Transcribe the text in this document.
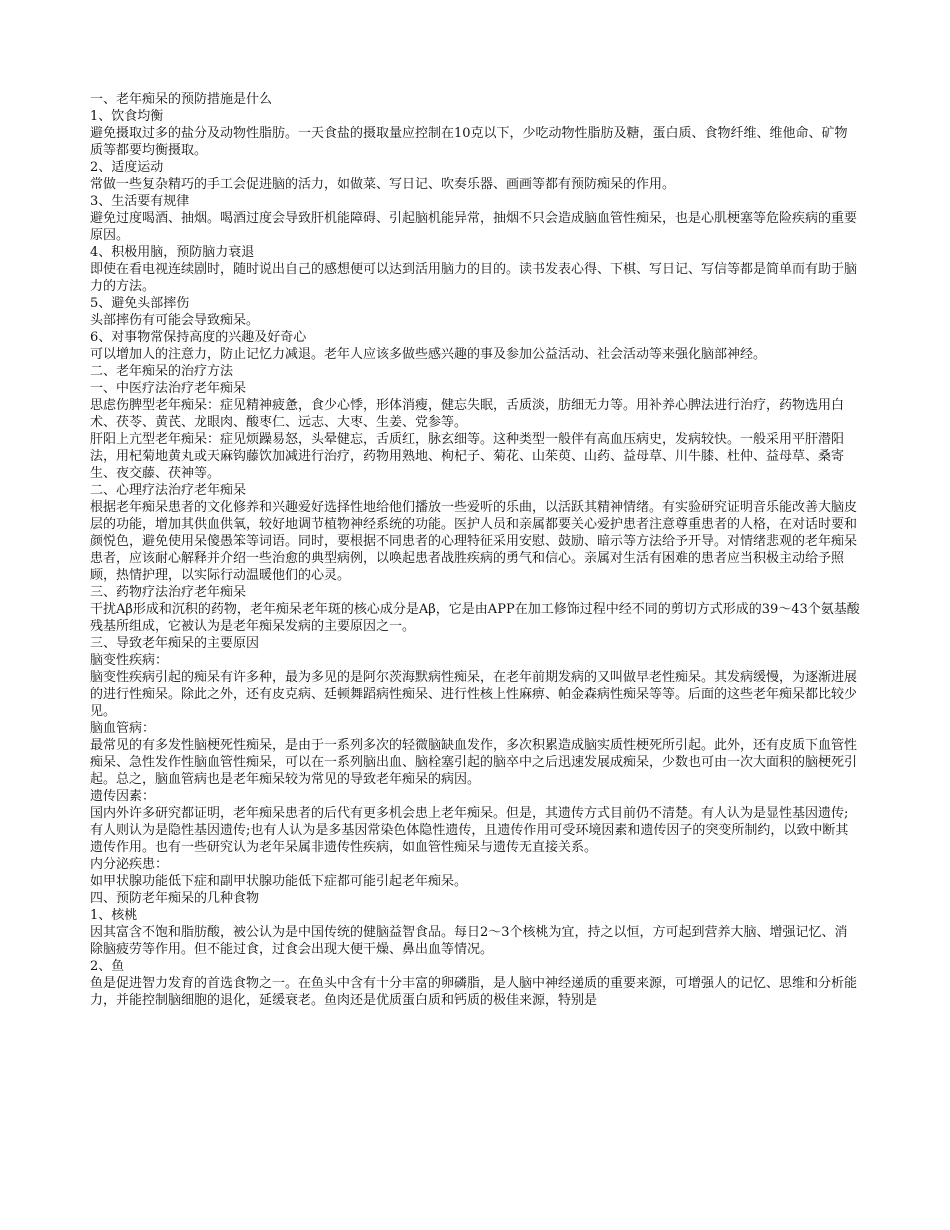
一、老年痴呆的预防措施是什么

1、饮食均衡

避免摄取过多的盐分及动物性脂肪。一天食盐的摄取量应控制在10克以下，少吃动物性脂肪及糖，蛋白质、食物纤维、维他命、矿物质等都要均衡摄取。

2、适度运动

常做一些复杂精巧的手工会促进脑的活力，如做菜、写日记、吹奏乐器、画画等都有预防痴呆的作用。

3、生活要有规律

避免过度喝酒、抽烟。喝酒过度会导致肝机能障碍、引起脑机能异常，抽烟不只会造成脑血管性痴呆，也是心肌梗塞等危险疾病的重要原因。

4、积极用脑，预防脑力衰退

即使在看电视连续剧时，随时说出自己的感想便可以达到活用脑力的目的。读书发表心得、下棋、写日记、写信等都是简单而有助于脑力的方法。

5、避免头部摔伤

头部摔伤有可能会导致痴呆。

6、对事物常保持高度的兴趣及好奇心

可以增加人的注意力，防止记忆力减退。老年人应该多做些感兴趣的事及参加公益活动、社会活动等来强化脑部神经。

二、老年痴呆的治疗方法

一、中医疗法治疗老年痴呆

思虑伤脾型老年痴呆：症见精神疲惫，食少心悸，形体消瘦，健忘失眠，舌质淡，肪细无力等。用补养心脾法进行治疗，药物选用白术、茯苓、黄芪、龙眼肉、酸枣仁、远志、大枣、生姜、党参等。

肝阳上亢型老年痴呆：症见烦躁易怒，头晕健忘，舌质红，脉玄细等。这种类型一般伴有高血压病史，发病较快。一般采用平肝潜阳法，用杞菊地黄丸或天麻钩藤饮加减进行治疗，药物用熟地、枸杞子、菊花、山茱萸、山药、益母草、川牛膝、杜仲、益母草、桑寄生、夜交藤、茯神等。

二、心理疗法治疗老年痴呆

根据老年痴呆患者的文化修养和兴趣爱好选择性地给他们播放一些爱听的乐曲，以活跃其精神情绪。有实验研究证明音乐能改善大脑皮层的功能，增加其供血供氧，较好地调节植物神经系统的功能。医护人员和亲属都要关心爱护患者注意尊重患者的人格，在对话时要和颜悦色，避免使用呆傻愚笨等词语。同时，要根据不同患者的心理特征采用安慰、鼓励、暗示等方法给予开导。对情绪悲观的老年痴呆患者，应该耐心解释并介绍一些治愈的典型病例，以唤起患者战胜疾病的勇气和信心。亲属对生活有困难的患者应当积极主动给予照顾，热情护理，以实际行动温暖他们的心灵。

三、药物疗法治疗老年痴呆

干扰Aβ形成和沉积的药物，老年痴呆老年斑的核心成分是Aβ，它是由APP在加工修饰过程中经不同的剪切方式形成的39～43个氨基酸残基所组成，它被认为是老年痴呆发病的主要原因之一。

三、导致老年痴呆的主要原因

脑变性疾病：

脑变性疾病引起的痴呆有许多种，最为多见的是阿尔茨海默病性痴呆，在老年前期发病的又叫做早老性痴呆。其发病缓慢，为逐渐进展的进行性痴呆。除此之外，还有皮克病、廷顿舞蹈病性痴呆、进行性核上性麻痹、帕金森病性痴呆等等。后面的这些老年痴呆都比较少见。

脑血管病：

最常见的有多发性脑梗死性痴呆，是由于一系列多次的轻微脑缺血发作，多次积累造成脑实质性梗死所引起。此外，还有皮质下血管性痴呆、急性发作性脑血管性痴呆，可以在一系列脑出血、脑栓塞引起的脑卒中之后迅速发展成痴呆，少数也可由一次大面积的脑梗死引起。总之，脑血管病也是老年痴呆较为常见的导致老年痴呆的病因。

遗传因素：

国内外许多研究都证明，老年痴呆患者的后代有更多机会患上老年痴呆。但是，其遗传方式目前仍不清楚。有人认为是显性基因遗传;有人则认为是隐性基因遗传;也有人认为是多基因常染色体隐性遗传，且遗传作用可受环境因素和遗传因子的突变所制约，以致中断其遗传作用。也有一些研究认为老年呆属非遗传性疾病，如血管性痴呆与遗传无直接关系。

内分泌疾患：

如甲状腺功能低下症和副甲状腺功能低下症都可能引起老年痴呆。

四、预防老年痴呆的几种食物

1、核桃

因其富含不饱和脂肪酸，被公认为是中国传统的健脑益智食品。每日2～3个核桃为宜，持之以恒，方可起到营养大脑、增强记忆、消除脑疲劳等作用。但不能过食，过食会出现大便干燥、鼻出血等情况。

2、鱼

鱼是促进智力发育的首选食物之一。在鱼头中含有十分丰富的卵磷脂，是人脑中神经递质的重要来源，可增强人的记忆、思维和分析能力，并能控制脑细胞的退化，延缓衰老。鱼肉还是优质蛋白质和钙质的极佳来源，特别是
